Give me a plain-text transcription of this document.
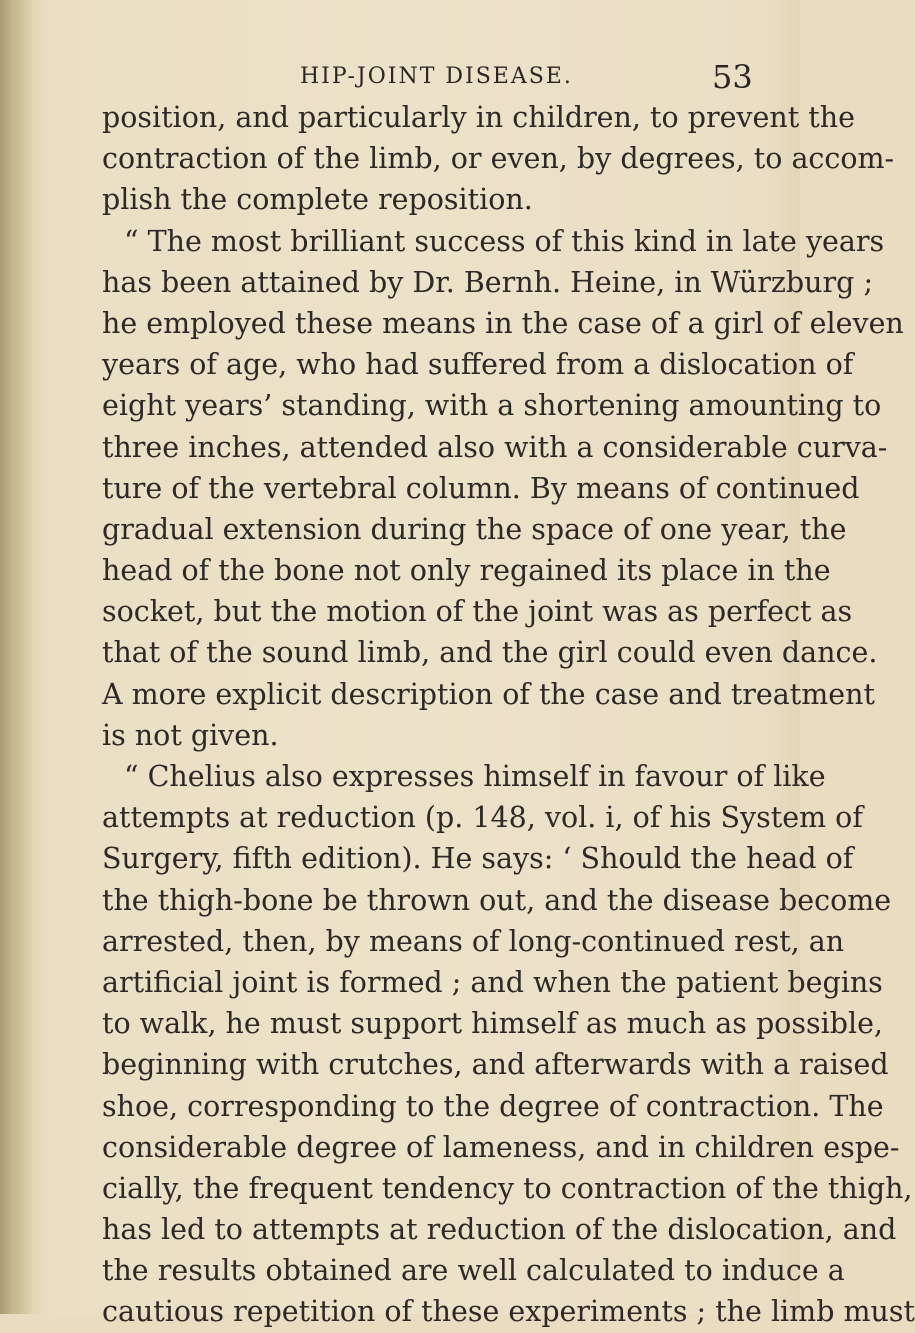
HIP-JOINT DISEASE.	53
position, and particularly in children, to prevent the
contraction of the limb, or even, by degrees, to accom-
plish the complete reposition.
“ The most brilliant success of this kind in late years
has been attained by Dr. Bernh. Heine, in Würzburg ;
he employed these means in the case of a girl of eleven
years of age, who had suffered from a dislocation of
eight years’ standing, with a shortening amounting to
three inches, attended also with a considerable curva-
ture of the vertebral column. By means of continued
gradual extension during the space of one year, the
head of the bone not only regained its place in the
socket, but the motion of the joint was as perfect as
that of the sound limb, and the girl could even dance.
A more explicit description of the case and treatment
is not given.
“ Chelius also expresses himself in favour of like
attempts at reduction (p. 148, vol. i, of his System of
Surgery, fifth edition). He says: ‘ Should the head of
the thigh-bone be thrown out, and the disease become
arrested, then, by means of long-continued rest, an
artificial joint is formed ; and when the patient begins
to walk, he must support himself as much as possible,
beginning with crutches, and afterwards with a raised
shoe, corresponding to the degree of contraction. The
considerable degree of lameness, and in children espe-
cially, the frequent tendency to contraction of the thigh,
has led to attempts at reduction of the dislocation, and
the results obtained are well calculated to induce a
cautious repetition of these experiments ; the limb must
